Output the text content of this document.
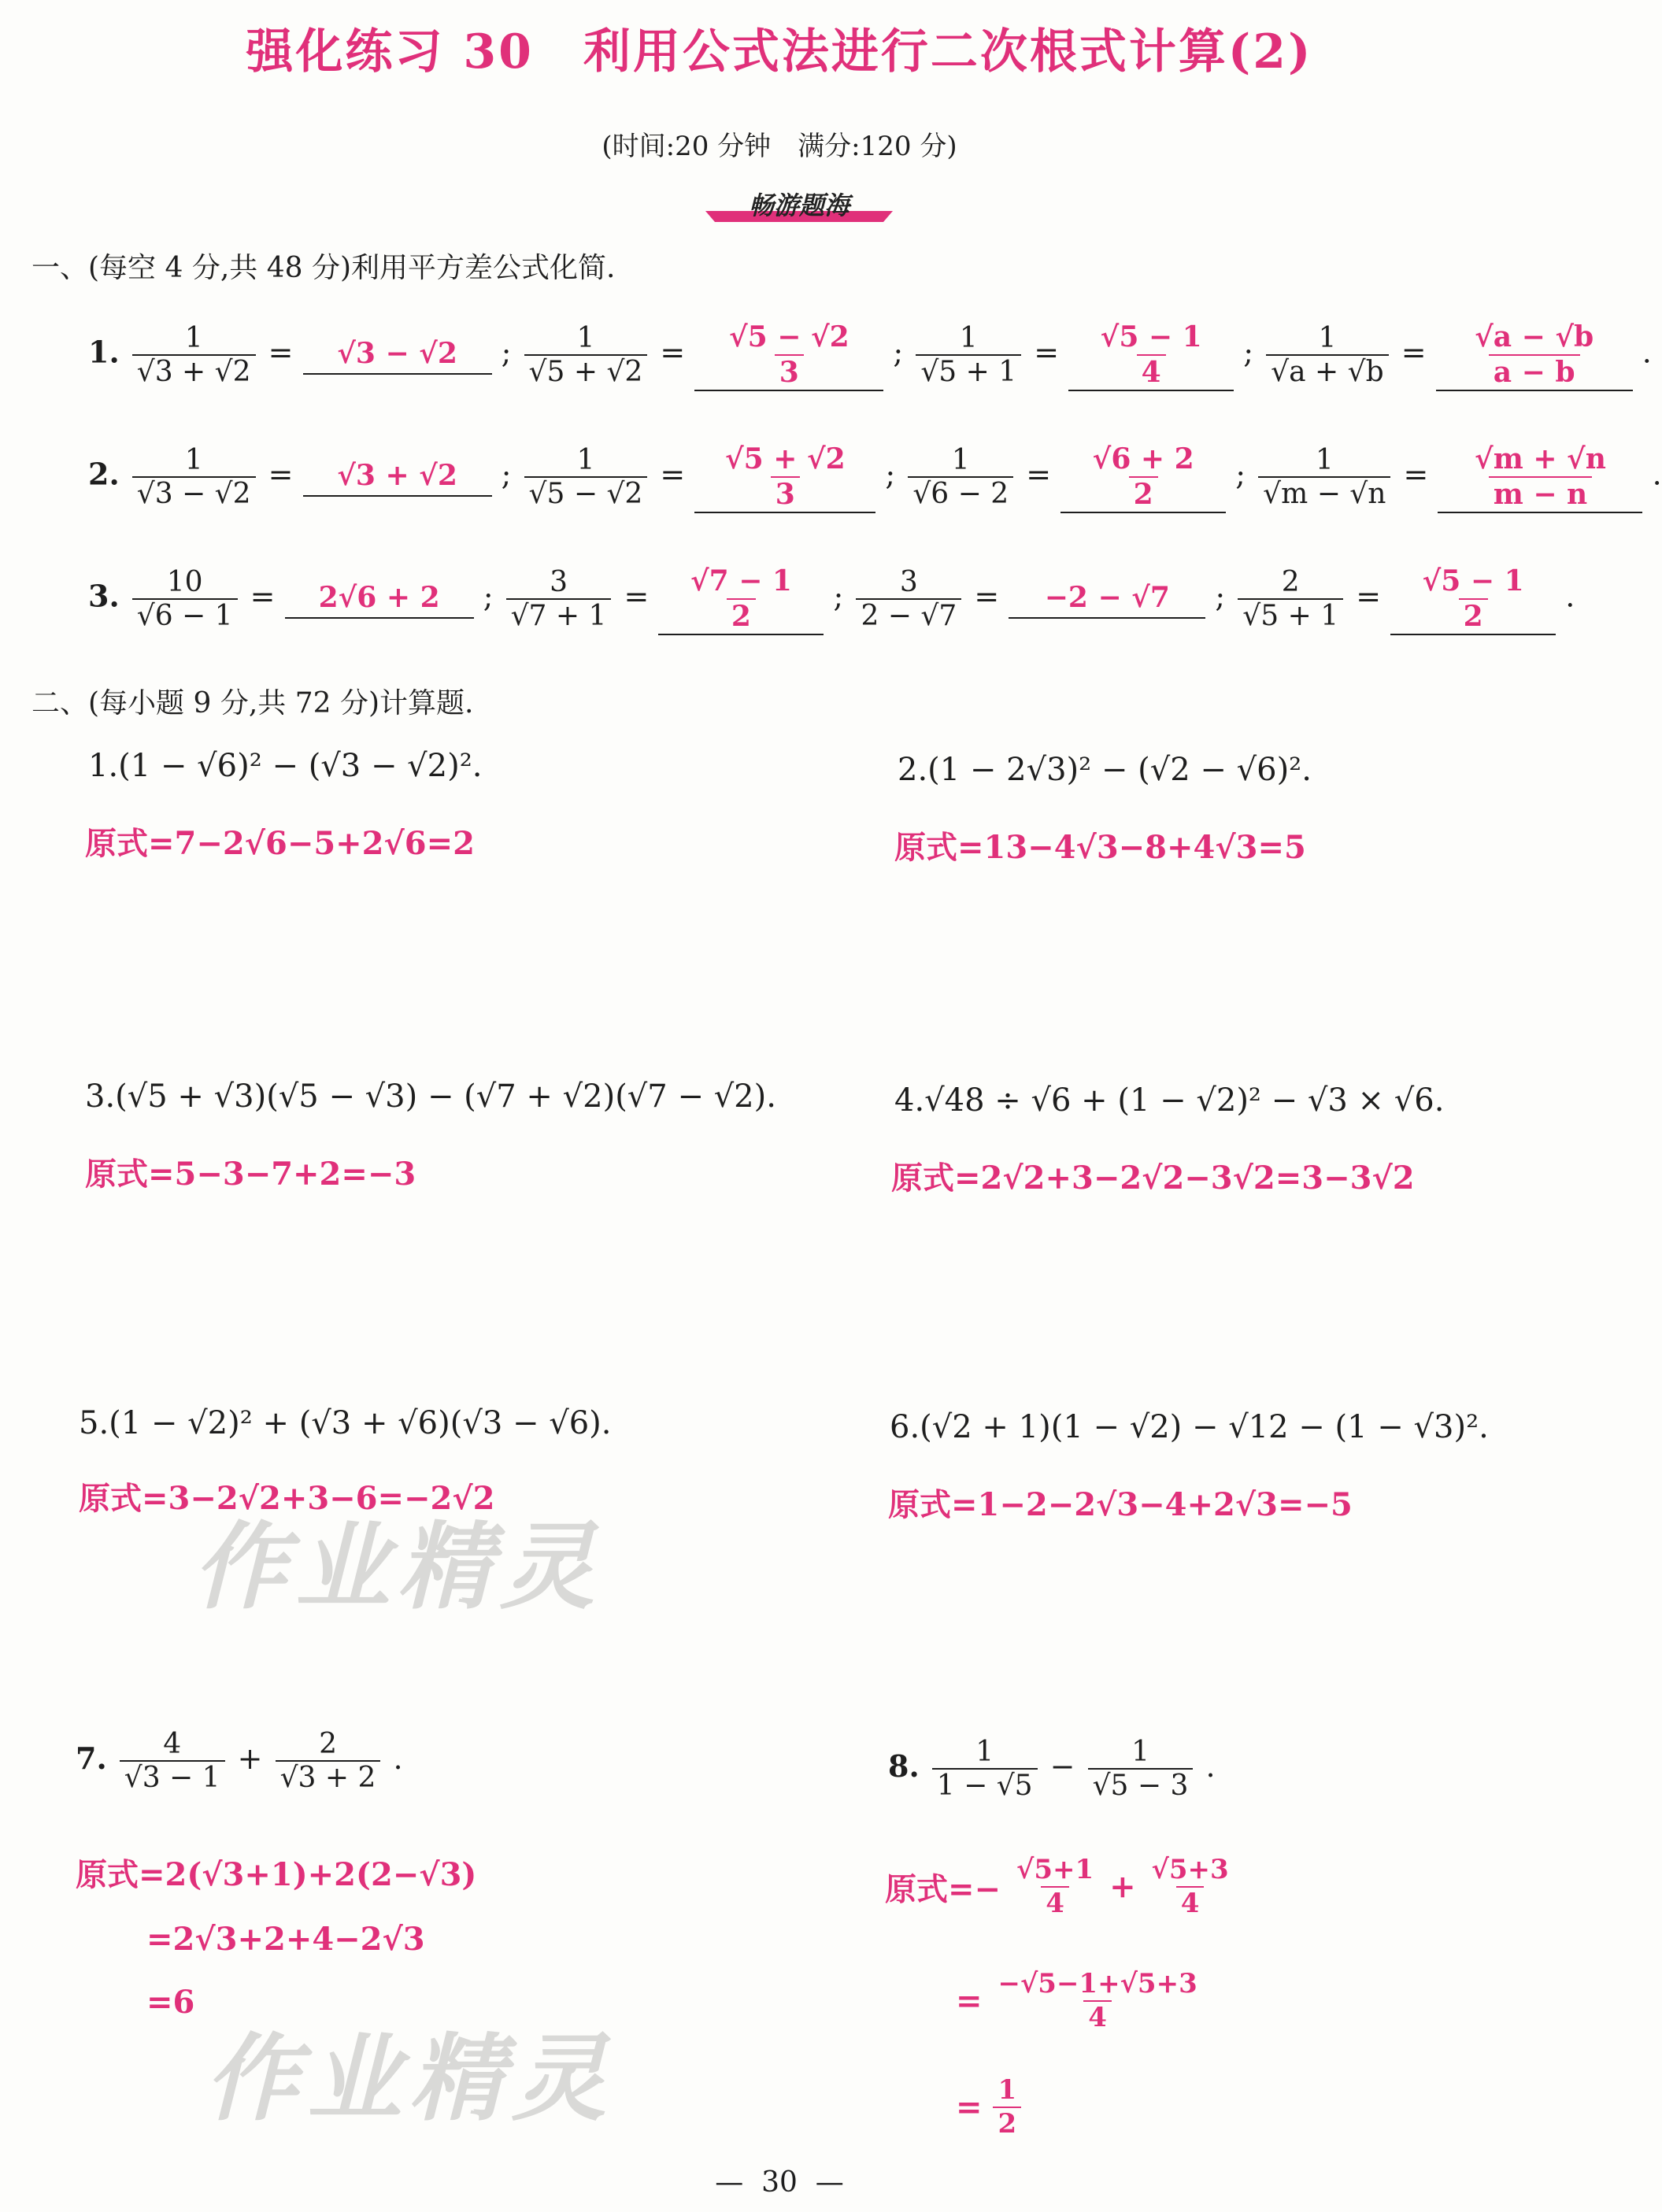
强化练习 30　利用公式法进行二次根式计算(2)
(时间:20 分钟　满分:120 分)
畅游题海
一、(每空 4 分,共 48 分)利用平方差公式化简.
1. $\frac{1}{√3 + √2} = √3 - √2$ ; $\frac{1}{√5 + √2} = \frac{√5 - √2}{3}$ ; $\frac{1}{√5 + 1} = \frac{√5 - 1}{4}$ ; $\frac{1}{√a + √b} = \frac{√a - √b}{a - b}$ .
2. $\frac{1}{√3 - √2} = √3 + √2$ ; $\frac{1}{√5 - √2} = \frac{√5 + √2}{3}$ ; $\frac{1}{√6 - 2} = \frac{√6 + 2}{2}$ ; $\frac{1}{√m - √n} = \frac{√m + √n}{m - n}$ .
3. $\frac{10}{√6 - 1} = 2√6 + 2$ ; $\frac{3}{√7 + 1} = \frac{√7 - 1}{2}$ ; $\frac{3}{2 - √7} = -2 - √7$ ; $\frac{2}{√5 + 1} = \frac{√5 - 1}{2}$ .
二、(每小题 9 分,共 72 分)计算题.
1.(1 − √6)² − (√3 − √2)².
原式=7−2√6−5+2√6=2
2.(1 − 2√3)² − (√2 − √6)².
原式=13−4√3−8+4√3=5
3.(√5 + √3)(√5 − √3) − (√7 + √2)(√7 − √2).
原式=5−3−7+2=−3
4.√48 ÷ √6 + (1 − √2)² − √3 × √6.
原式=2√2+3−2√2−3√2=3−3√2
5.(1 − √2)² + (√3 + √6)(√3 − √6).
原式=3−2√2+3−6=−2√2
6.(√2 + 1)(1 − √2) − √12 − (1 − √3)².
原式=1−2−2√3−4+2√3=−5
7. $\frac{4}{√3 - 1} + \frac{2}{√3 + 2}$ .
原式=2(√3+1)+2(2−√3)
=2√3+2+4−2√3
=6
8. $\frac{1}{1 - √5} - \frac{1}{√5 - 3}$ .
原式=− $\frac{√5+1}{4} + \frac{√5+3}{4}$
= $\frac{-√5-1+√5+3}{4}$
= $\frac{1}{2}$
作业精灵
作业精灵
—  30  —
